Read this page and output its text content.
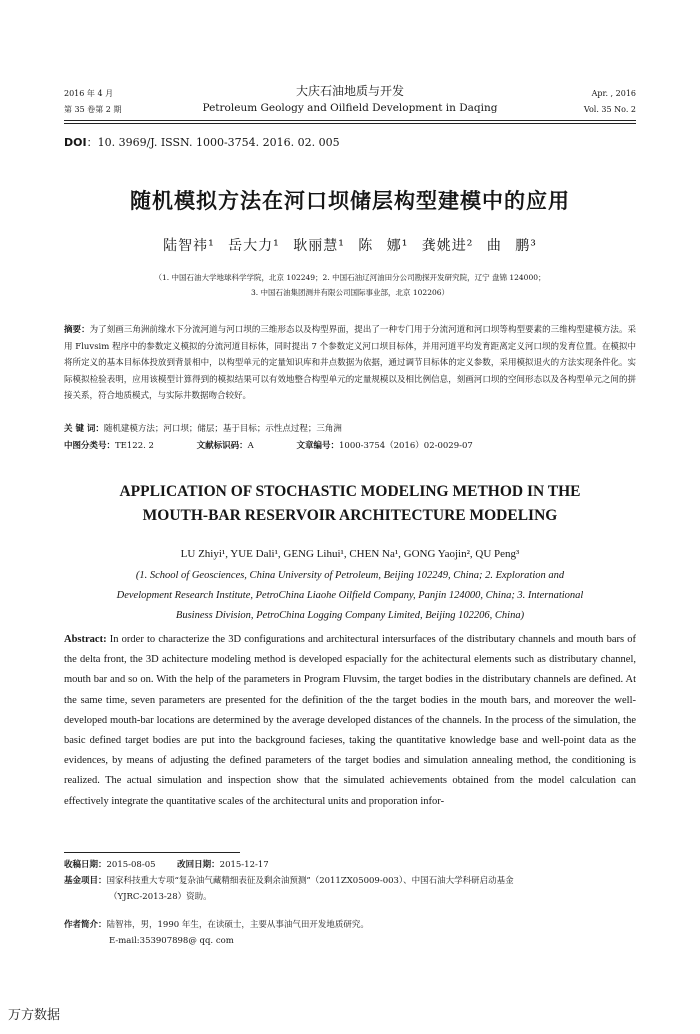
2016 年 4 月
第 35 卷第 2 期
大庆石油地质与开发
Petroleum Geology and Oilfield Development in Daqing
Apr. , 2016
Vol. 35 No. 2
DOI：10. 3969/J. ISSN. 1000-3754. 2016. 02. 005
随机模拟方法在河口坝储层构型建模中的应用
陆智祎¹ 岳大力¹ 耿丽慧¹ 陈 娜¹ 龚姚进² 曲 鹏³
（1. 中国石油大学地球科学学院，北京 102249；2. 中国石油辽河油田分公司勘探开发研究院，辽宁 盘锦 124000；
3. 中国石油集团测井有限公司国际事业部，北京 102206）
摘要：为了刻画三角洲前缘水下分流河道与河口坝的三维形态以及构型界面，提出了一种专门用于分流河道和河口坝等构型要素的三维构型建模方法。采用 Fluvsim 程序中的参数定义模拟的分流河道目标体，同时提出 7 个参数定义河口坝目标体，并用河道平均发育距离定义河口坝的发育位置。在模拟中将所定义的基本目标体投放到背景相中，以构型单元的定量知识库和井点数据为依据，通过调节目标体的定义参数，采用模拟退火的方法实现条件化。实际模拟检验表明，应用该模型计算得到的模拟结果可以有效地整合构型单元的定量规模以及相比例信息，刻画河口坝的空间形态以及各构型单元之间的拼接关系，符合地质模式，与实际井数据吻合较好。
关 键 词：随机建模方法；河口坝；储层；基于目标；示性点过程；三角洲
中图分类号：TE122. 2	文献标识码：A	文章编号：1000-3754（2016）02-0029-07
APPLICATION OF STOCHASTIC MODELING METHOD IN THE
MOUTH-BAR RESERVOIR ARCHITECTURE MODELING
LU Zhiyi¹, YUE Dali¹, GENG Lihui¹, CHEN Na¹, GONG Yaojin², QU Peng³
(1. School of Geosciences, China University of Petroleum, Beijing 102249, China; 2. Exploration and
Development Research Institute, PetroChina Liaohe Oilfield Company, Panjin 124000, China; 3. International
Business Division, PetroChina Logging Company Limited, Beijing 102206, China)
Abstract: In order to characterize the 3D configurations and architectural intersurfaces of the distributary channels and mouth bars of the delta front, the 3D achitecture modeling method is developed espacially for the achitectural elements such as distributary channel, mouth bar and so on. With the help of the parameters in Program Fluvsim, the target bodies in the distributary channels are defined. At the same time, seven parameters are presented for the definition of the the target bodies in the mouth bars, and moreover the well-developed mouth-bar locations are determined by the average developed distances of the channels. In the process of the simulation, the basic defined target bodies are put into the background facieses, taking the quantitative knowledge base and well-point data as the evidences, by means of adjusting the defined parameters of the target bodies and simulation annealing method, the conditioning is realized. The actual simulation and inspection show that the simulated achievements obtained from the model calculation can effectively integrate the quantitative scales of the architectural units and proporation infor-
收稿日期：2015-08-05	改回日期：2015-12-17
基金项目：国家科技重大专项“复杂油气藏精细表征及剩余油预测”（2011ZX05009-003）、中国石油大学科研启动基金
（YJRC-2013-28）资助。
作者简介：陆智祎，男，1990 年生，在读硕士，主要从事油气田开发地质研究。
E-mail:353907898@ qq. com
万方数据
